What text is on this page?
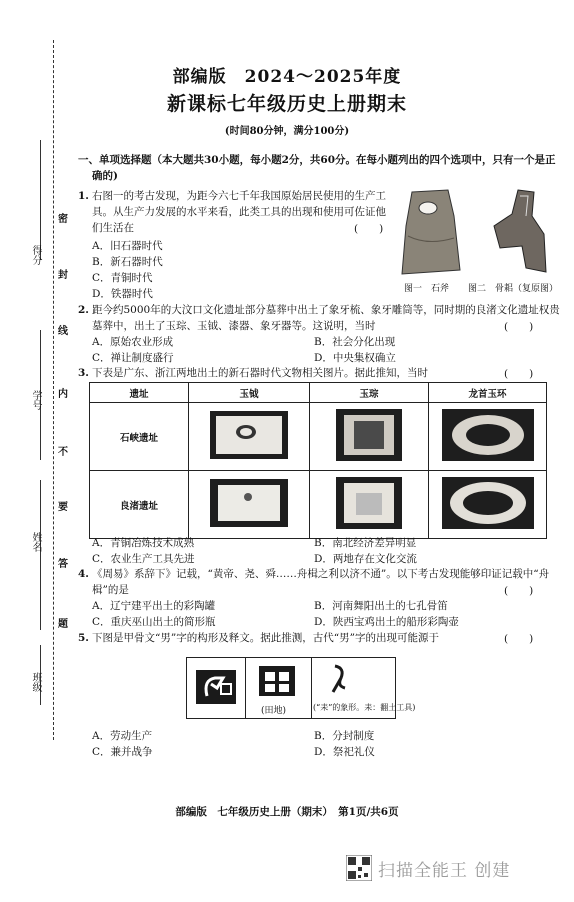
得分
学号
姓名
班级
密
封
线
内
不
要
答
题
部编版　2024～2025年度
新课标七年级历史上册期末
(时间80分钟，满分100分)
一、单项选择题（本大题共30小题，每小题2分，共60分。在每小题列出的四个选项中，只有一个是正
确的)
1. 右图一的考古发现，为距今六七千年我国原始居民使用的生产工
具。从生产力发展的水平来看，此类工具的出现和使用可佐证他
们生活在	(　　)
A．旧石器时代
B．新石器时代
C．青铜时代
D．铁器时代	图一　石斧 图二　骨耜（复原图）
2. 距今约5000年的大汶口文化遗址部分墓葬中出土了象牙梳、象牙雕筒等，同时期的良渚文化遗址权贵
墓葬中，出土了玉琮、玉钺、漆器、象牙器等。这说明，当时	(　　)
A．原始农业形成	B．社会分化出现
C．禅让制度盛行	D．中央集权确立
3. 下表是广东、浙江两地出土的新石器时代文物相关图片。据此推知，当时	(　　)
遗址	玉钺	玉琮	龙首玉环
石峡遗址			
良渚遗址			
A．青铜冶炼技术成熟	B．南北经济差异明显
C．农业生产工具先进	D．两地存在文化交流
4. 《周易》系辞下》记载，“黄帝、尧、舜……舟楫之利以济不通”。以下考古发现能够印证记载中“舟
楫”的是	(　　)
A．辽宁建平出土的彩陶罐	B．河南舞阳出土的七孔骨笛
C．重庆巫山出土的简形瓶	D．陕西宝鸡出土的船形彩陶壶
5. 下图是甲骨文“男”字的构形及释文。据此推测，古代“男”字的出现可能源于	(　　)
(田地)	(“耒”的象形。耒：翻土工具)
A．劳动生产	B．分封制度
C．兼并战争	D．祭祀礼仪
部编版　七年级历史上册（期末）　第1页/共6页
扫描全能王 创建
